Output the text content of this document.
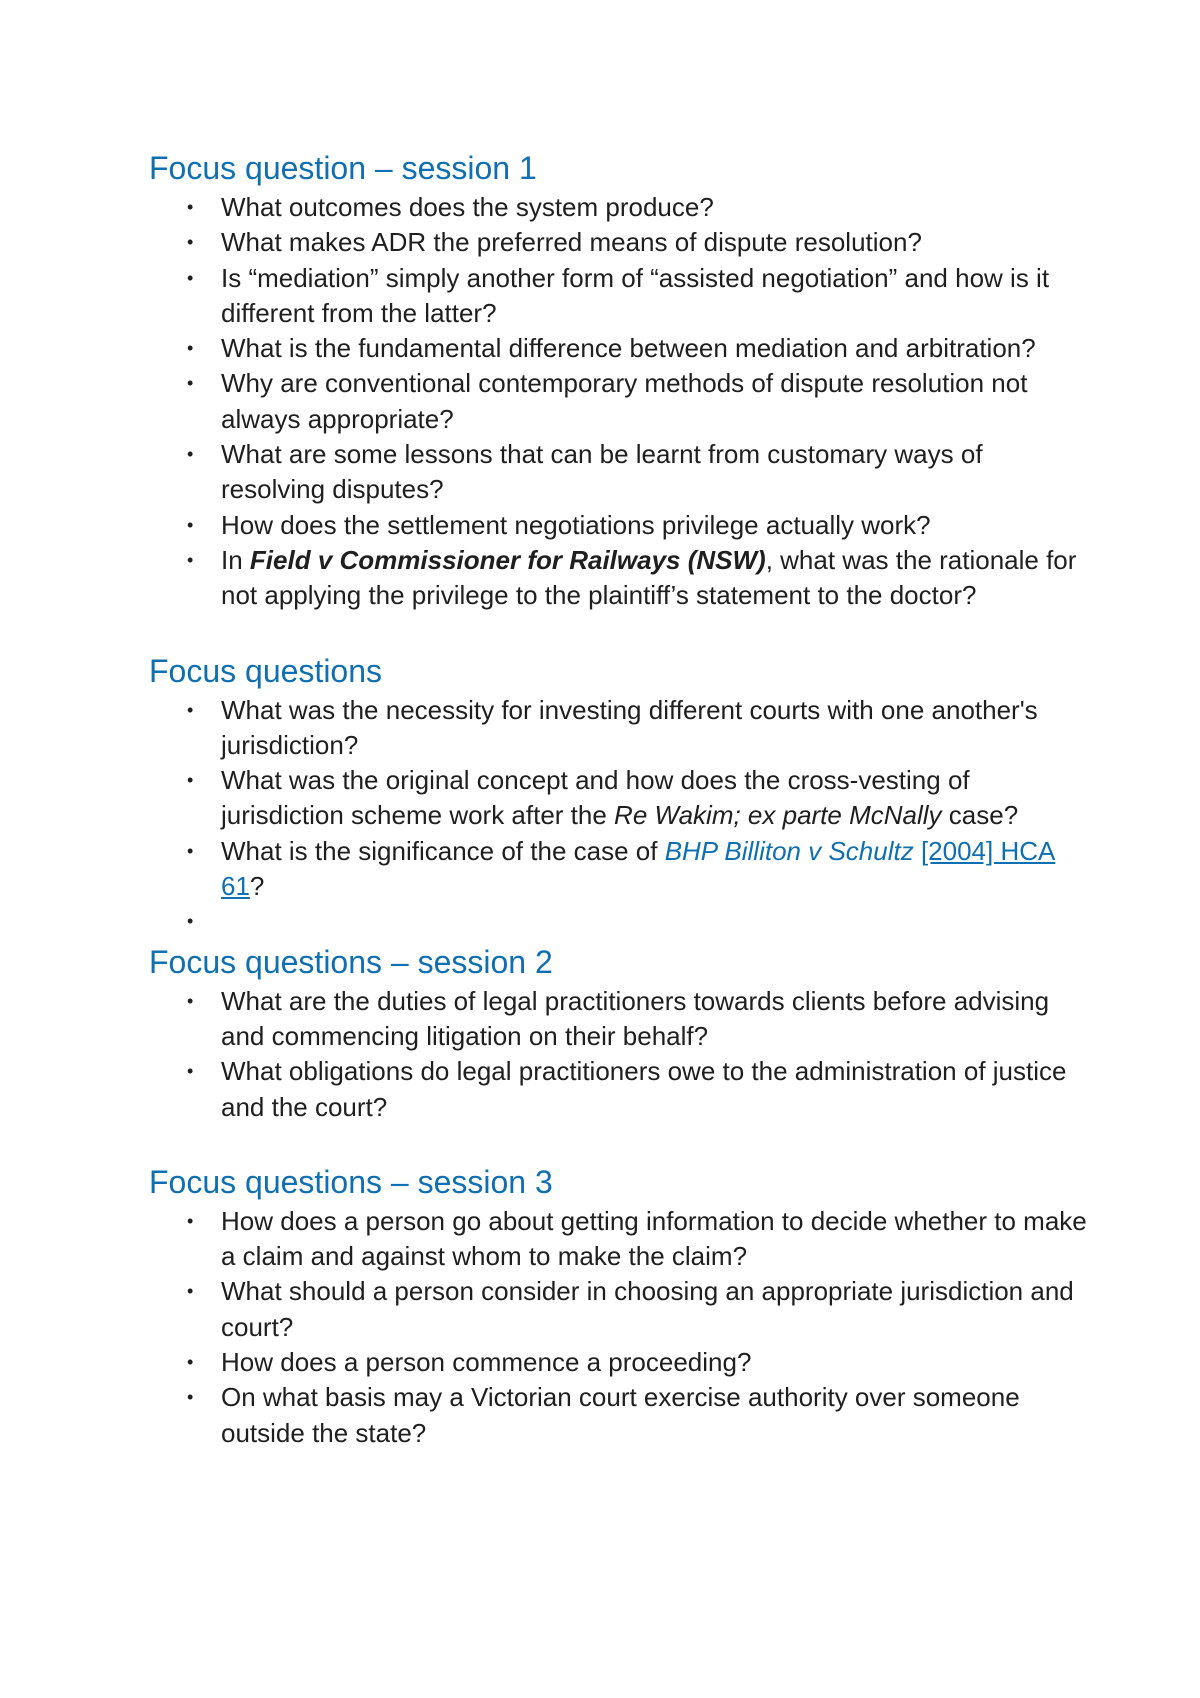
Focus question – session 1
• What outcomes does the system produce?
• What makes ADR the preferred means of dispute resolution?
• Is “mediation” simply another form of “assisted negotiation” and how is it different from the latter?
• What is the fundamental difference between mediation and arbitration?
• Why are conventional contemporary methods of dispute resolution not always appropriate?
• What are some lessons that can be learnt from customary ways of resolving disputes?
• How does the settlement negotiations privilege actually work?
• In Field v Commissioner for Railways (NSW), what was the rationale for not applying the privilege to the plaintiff’s statement to the doctor?
Focus questions
• What was the necessity for investing different courts with one another's jurisdiction?
• What was the original concept and how does the cross-vesting of jurisdiction scheme work after the Re Wakim; ex parte McNally case?
• What is the significance of the case of BHP Billiton v Schultz [2004] HCA 61?
•

Focus questions – session 2
• What are the duties of legal practitioners towards clients before advising and commencing litigation on their behalf?
• What obligations do legal practitioners owe to the administration of justice and the court?
Focus questions – session 3
• How does a person go about getting information to decide whether to make a claim and against whom to make the claim?
• What should a person consider in choosing an appropriate jurisdiction and court?
• How does a person commence a proceeding?
• On what basis may a Victorian court exercise authority over someone outside the state?
